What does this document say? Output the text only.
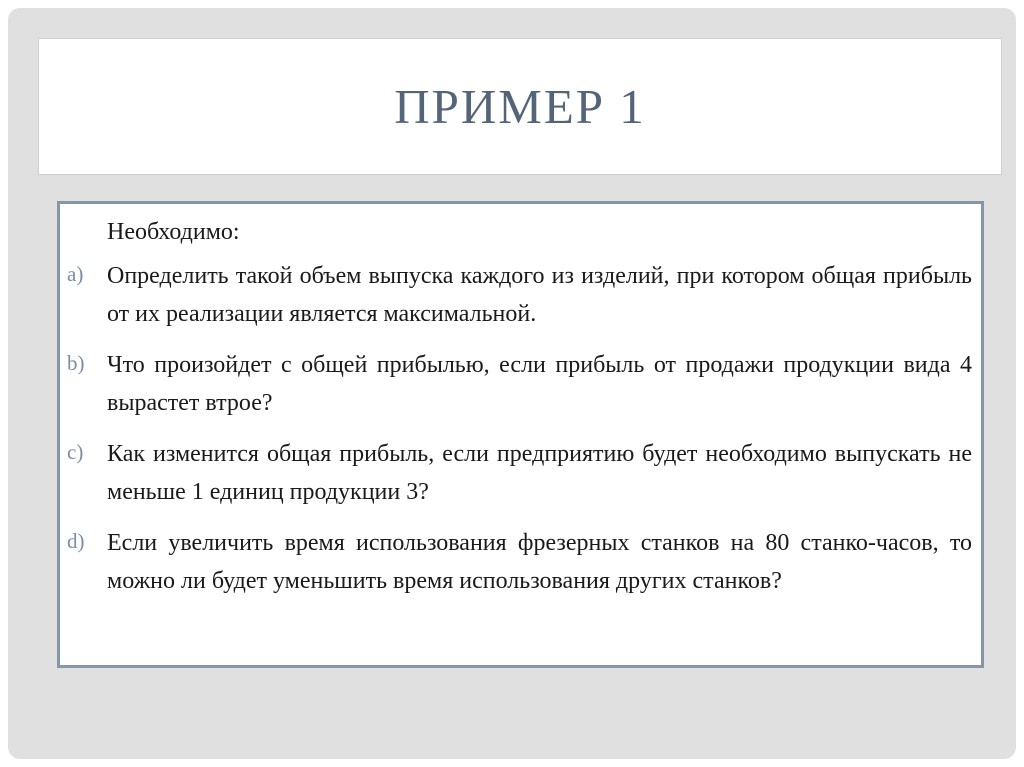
ПРИМЕР 1
Необходимо:
a) Определить такой объем выпуска каждого из изделий, при котором общая прибыль от их реализации является максимальной.
b) Что произойдет с общей прибылью, если прибыль от продажи продукции вида 4 вырастет втрое?
c) Как изменится общая прибыль, если предприятию будет необходимо выпускать не меньше 1 единиц продукции 3?
d) Если увеличить время использования фрезерных станков на 80 станко-часов, то можно ли будет уменьшить время использования других станков?
